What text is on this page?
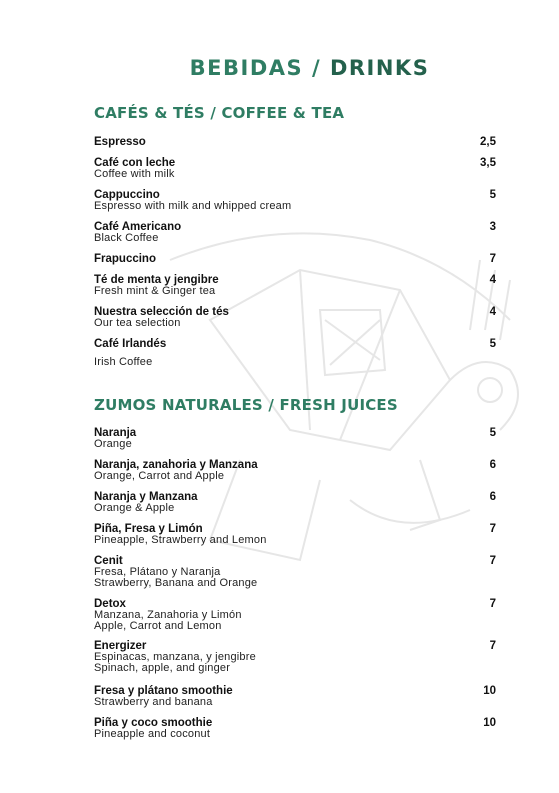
BEBIDAS / DRINKS
CAFÉS & TÉS / COFFEE & TEA
Espresso	2,5
Café con leche
Coffee with milk
3,5
Cappuccino
Espresso with milk and whipped cream
5
Café Americano
Black Coffee
3
Frapuccino	7
Té de menta y jengibre
Fresh mint & Ginger tea
4
Nuestra selección de tés
Our tea selection
4
Café Irlandés
Irish Coffee
5
ZUMOS NATURALES / FRESH JUICES
Naranja
Orange
5
Naranja, zanahoria y Manzana
Orange, Carrot and Apple
6
Naranja y Manzana
Orange & Apple
6
Piña, Fresa y Limón
Pineapple, Strawberry and Lemon
7
Cenit
Fresa, Plátano y Naranja
Strawberry, Banana and Orange
7
Detox
Manzana, Zanahoria y Limón
Apple, Carrot and Lemon
7
Energizer
Espinacas, manzana, y jengibre
Spinach, apple, and ginger
7
Fresa y plátano smoothie
Strawberry and banana
10
Piña y coco smoothie
Pineapple and coconut
10
